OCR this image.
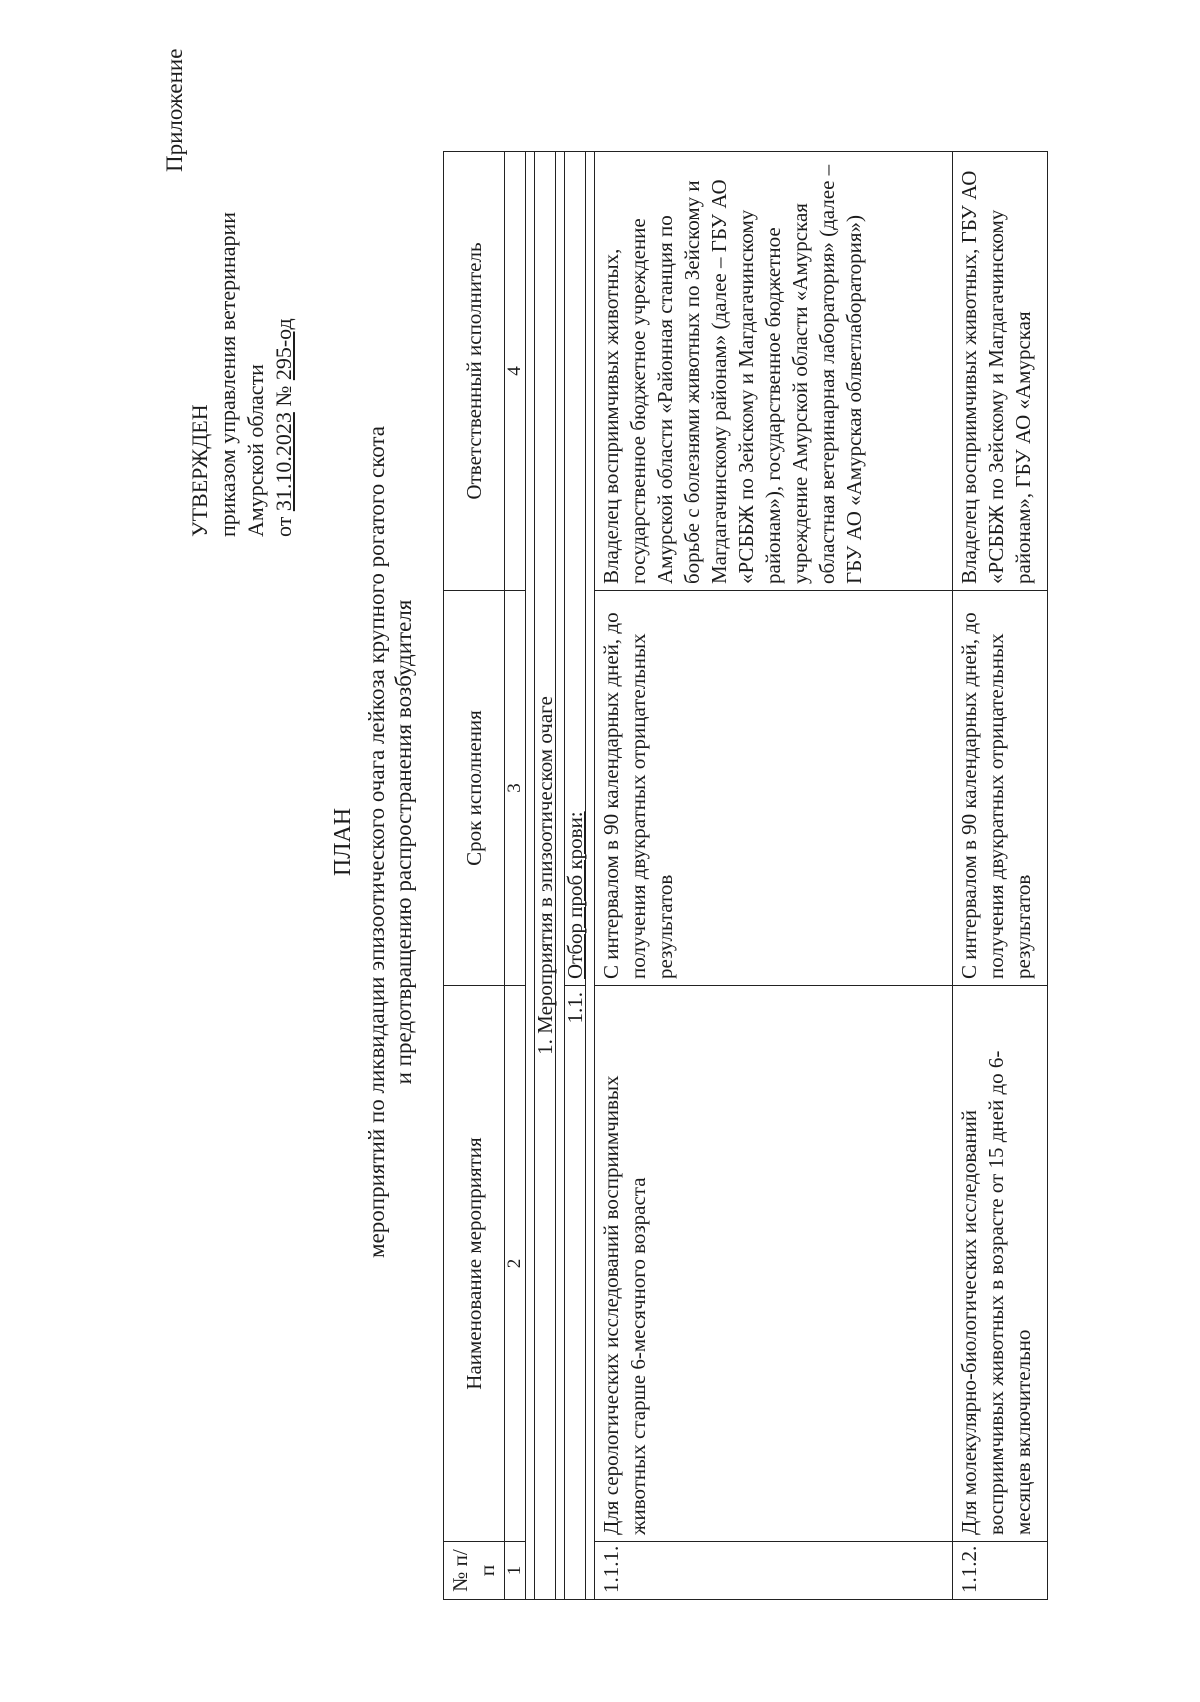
Приложение
УТВЕРЖДЕН приказом управления ветеринарии Амурской области от 31.10.2023 № 295-од
ПЛАН мероприятий по ликвидации эпизоотического очага лейкоза крупного рогатого скота и предотвращению распространения возбудителя
№ п/п	Наименование мероприятия	Срок исполнения	Ответственный исполнитель
1	2	3	4

1. Мероприятия в эпизоотическом очаге			

1.1.		Отбор проб крови:	

1.1.1.	Для серологических исследований восприимчивых животных старше 6-месячного возраста	С интервалом в 90 календарных дней, до получения двукратных отрицательных результатов	Владелец восприимчивых животных, государственное бюджетное учреждение Амурской области «Районная станция по борьбе с болезнями животных по Зейскому и Магдагачинскому районам» (далее – ГБУ АО «РСББЖ по Зейскому и Магдагачинскому районам»), государственное бюджетное учреждение Амурской области «Амурская областная ветеринарная лаборатория» (далее – ГБУ АО «Амурская облветлаборатория»)
1.1.2.	Для молекулярно-биологических исследований восприимчивых животных в возрасте от 15 дней до 6-месяцев включительно	С интервалом в 90 календарных дней, до получения двукратных отрицательных результатов	Владелец восприимчивых животных, ГБУ АО «РСББЖ по Зейскому и Магдагачинскому районам», ГБУ АО «Амурская
